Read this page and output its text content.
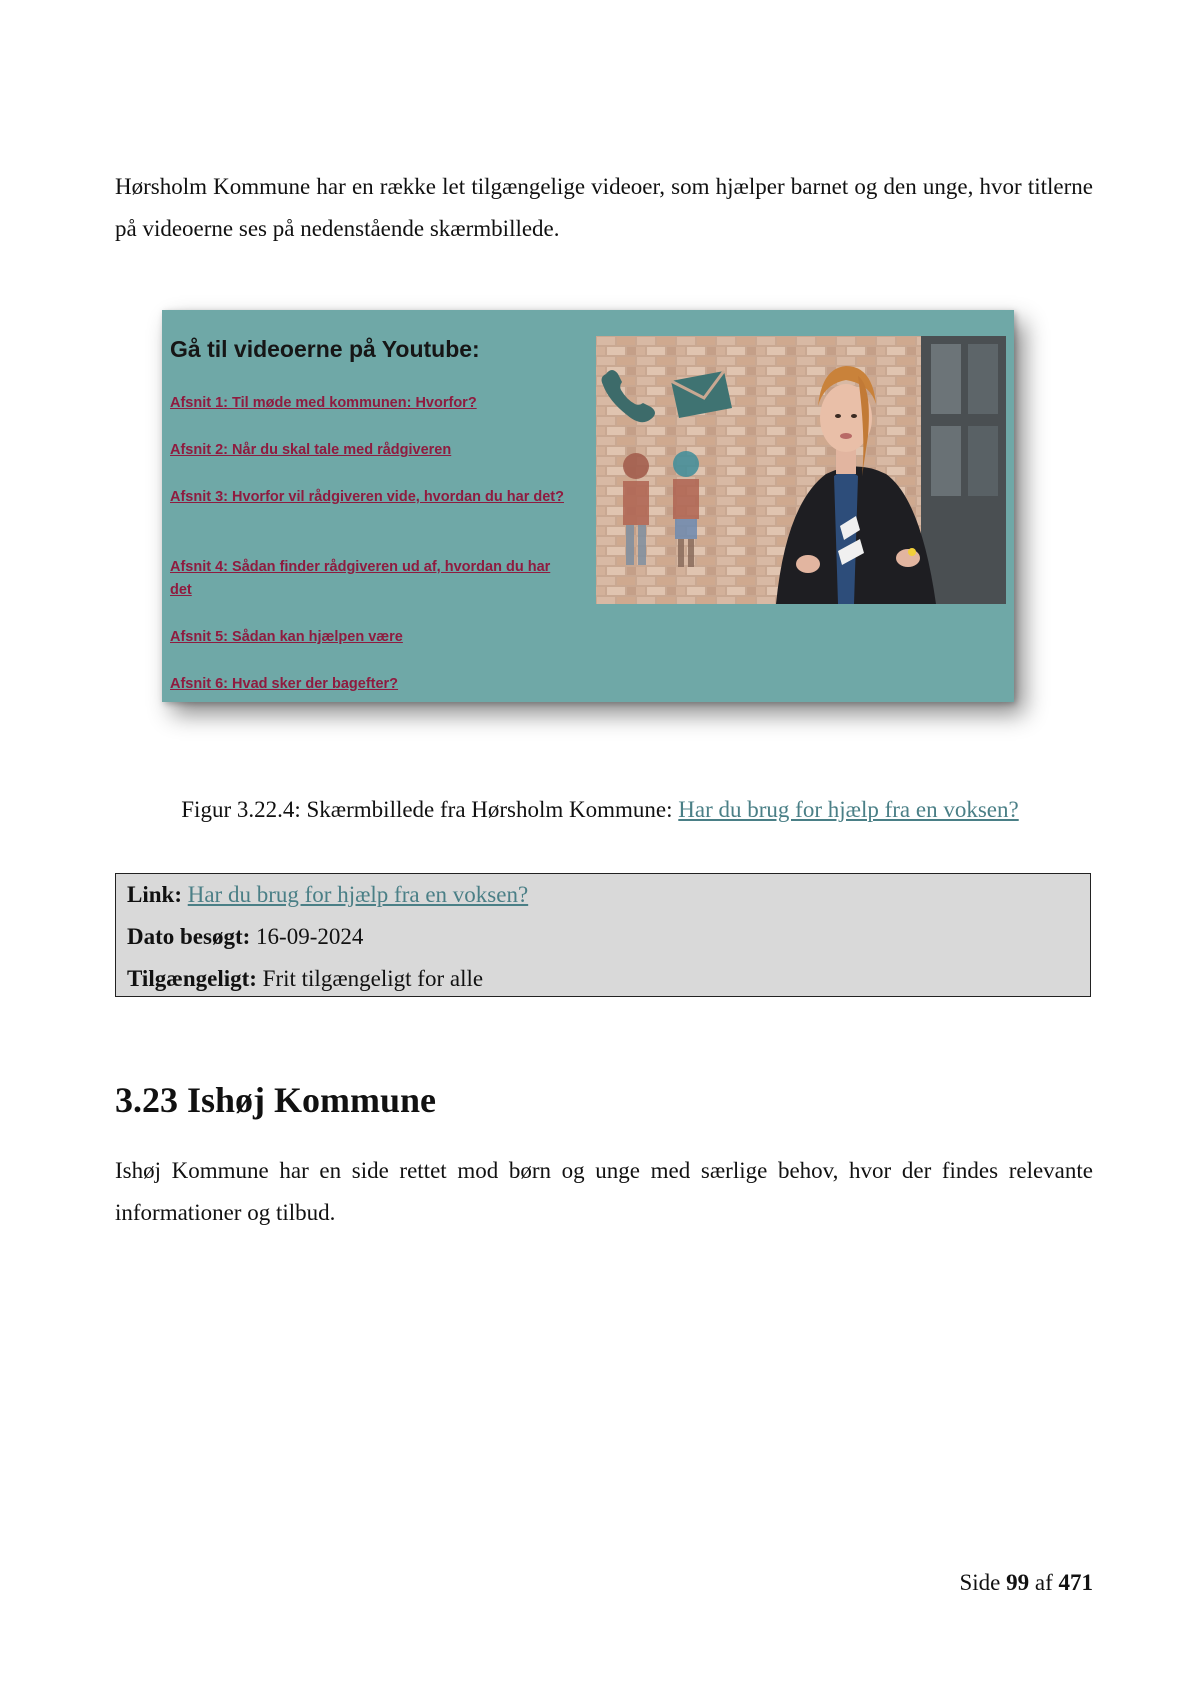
Hørsholm Kommune har en række let tilgængelige videoer, som hjælper barnet og den unge, hvor titlerne på videoerne ses på nedenstående skærmbillede.

Gå til videoerne på Youtube:
Afsnit 1: Til møde med kommunen: Hvorfor?
Afsnit 2: Når du skal tale med rådgiveren
Afsnit 3: Hvorfor vil rådgiveren vide, hvordan du har det?
Afsnit 4: Sådan finder rådgiveren ud af, hvordan du har det
Afsnit 5: Sådan kan hjælpen være
Afsnit 6: Hvad sker der bagefter?

Figur 3.22.4: Skærmbillede fra Hørsholm Kommune: Har du brug for hjælp fra en voksen?

Link: Har du brug for hjælp fra en voksen?

Dato besøgt: 16-09-2024

Tilgængeligt: Frit tilgængeligt for alle

3.23 Ishøj Kommune

Ishøj Kommune har en side rettet mod børn og unge med særlige behov, hvor der findes relevante informationer og tilbud.

Side 99 af 471
